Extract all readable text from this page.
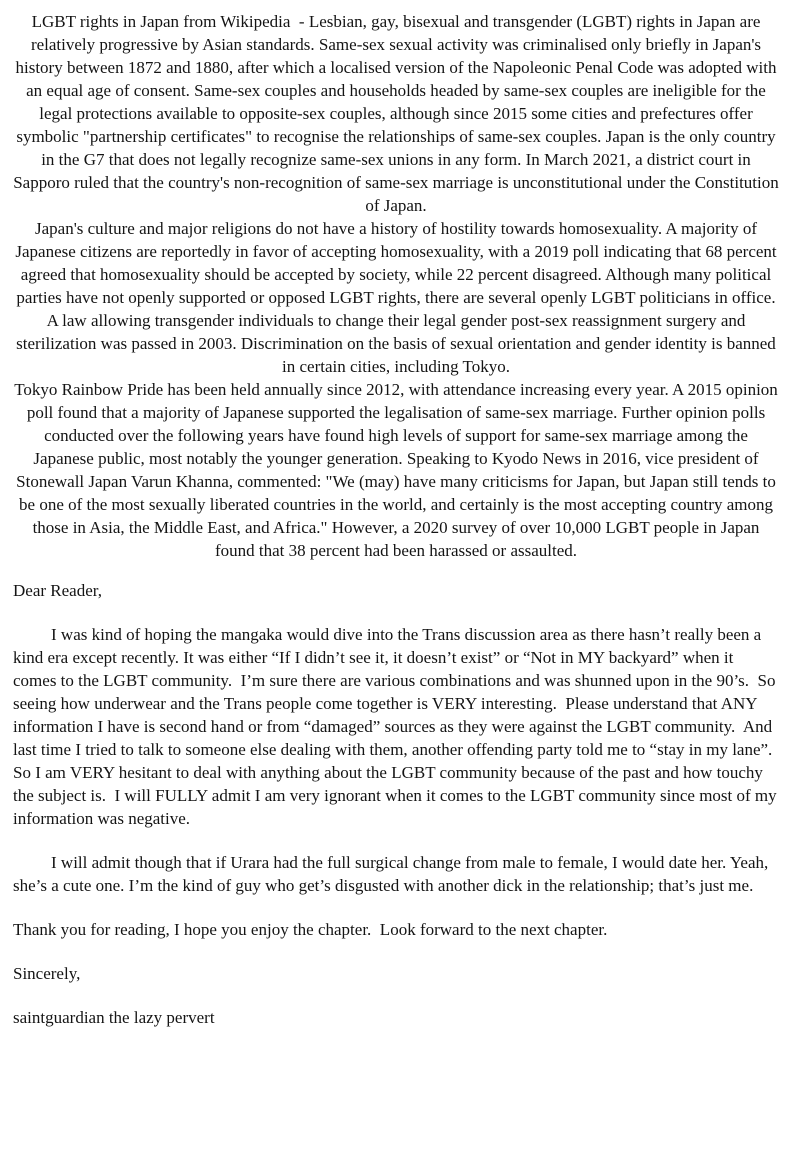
LGBT rights in Japan from Wikipedia  - Lesbian, gay, bisexual and transgender (LGBT) rights in Japan are relatively progressive by Asian standards. Same-sex sexual activity was criminalised only briefly in Japan's history between 1872 and 1880, after which a localised version of the Napoleonic Penal Code was adopted with an equal age of consent. Same-sex couples and households headed by same-sex couples are ineligible for the legal protections available to opposite-sex couples, although since 2015 some cities and prefectures offer symbolic "partnership certificates" to recognise the relationships of same-sex couples. Japan is the only country in the G7 that does not legally recognize same-sex unions in any form. In March 2021, a district court in Sapporo ruled that the country's non-recognition of same-sex marriage is unconstitutional under the Constitution of Japan.

Japan's culture and major religions do not have a history of hostility towards homosexuality. A majority of Japanese citizens are reportedly in favor of accepting homosexuality, with a 2019 poll indicating that 68 percent agreed that homosexuality should be accepted by society, while 22 percent disagreed. Although many political parties have not openly supported or opposed LGBT rights, there are several openly LGBT politicians in office. A law allowing transgender individuals to change their legal gender post-sex reassignment surgery and sterilization was passed in 2003. Discrimination on the basis of sexual orientation and gender identity is banned in certain cities, including Tokyo.

Tokyo Rainbow Pride has been held annually since 2012, with attendance increasing every year. A 2015 opinion poll found that a majority of Japanese supported the legalisation of same-sex marriage. Further opinion polls conducted over the following years have found high levels of support for same-sex marriage among the Japanese public, most notably the younger generation. Speaking to Kyodo News in 2016, vice president of Stonewall Japan Varun Khanna, commented: "We (may) have many criticisms for Japan, but Japan still tends to be one of the most sexually liberated countries in the world, and certainly is the most accepting country among those in Asia, the Middle East, and Africa." However, a 2020 survey of over 10,000 LGBT people in Japan found that 38 percent had been harassed or assaulted.

Dear Reader,

I was kind of hoping the mangaka would dive into the Trans discussion area as there hasn’t really been a kind era except recently. It was either “If I didn’t see it, it doesn’t exist” or “Not in MY backyard” when it comes to the LGBT community.  I’m sure there are various combinations and was shunned upon in the 90’s.  So seeing how underwear and the Trans people come together is VERY interesting.  Please understand that ANY information I have is second hand or from “damaged” sources as they were against the LGBT community.  And last time I tried to talk to someone else dealing with them, another offending party told me to “stay in my lane”.  So I am VERY hesitant to deal with anything about the LGBT community because of the past and how touchy the subject is.  I will FULLY admit I am very ignorant when it comes to the LGBT community since most of my information was negative.

I will admit though that if Urara had the full surgical change from male to female, I would date her. Yeah, she’s a cute one. I’m the kind of guy who get’s disgusted with another dick in the relationship; that’s just me.

Thank you for reading, I hope you enjoy the chapter.  Look forward to the next chapter.

Sincerely,

saintguardian the lazy pervert
